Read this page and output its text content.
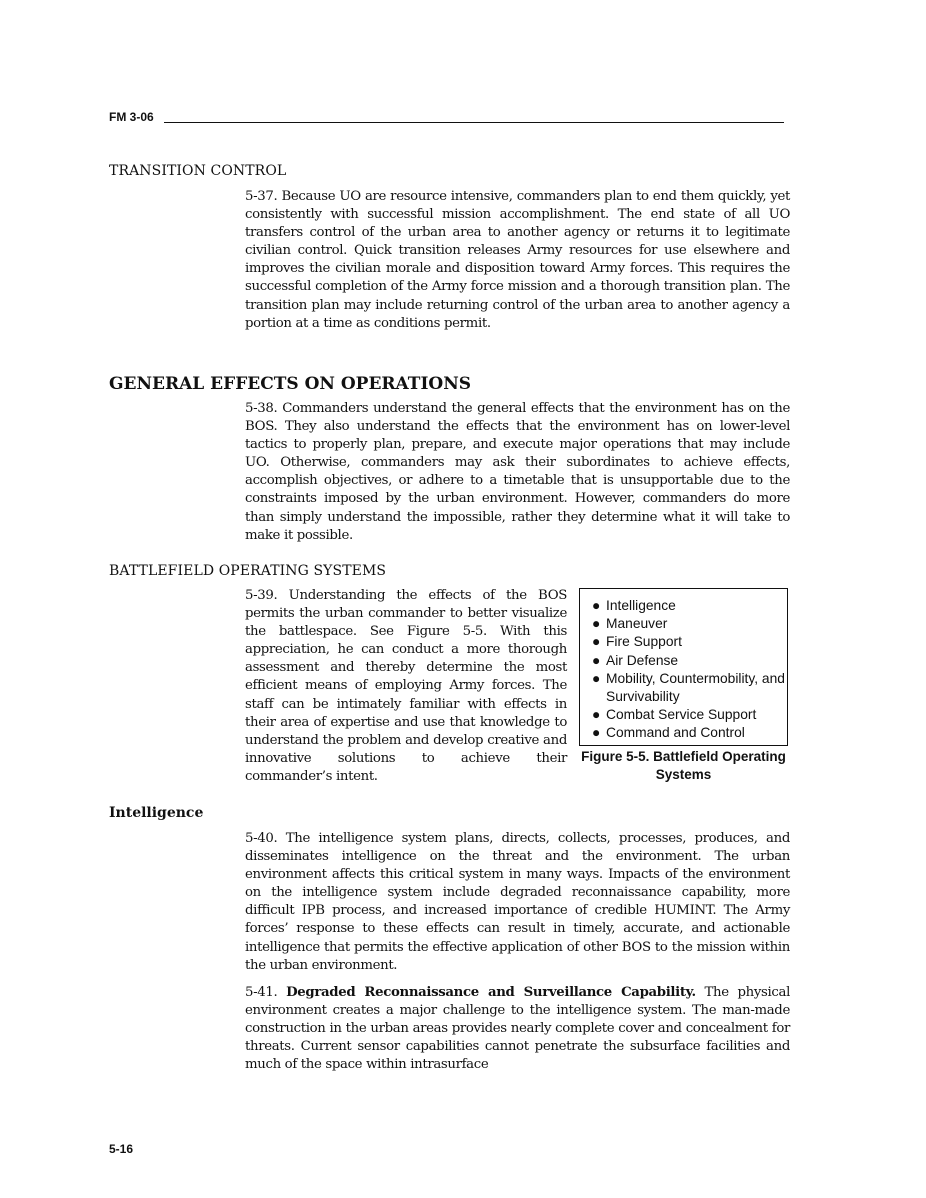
FM 3-06
TRANSITION CONTROL

5-37. Because UO are resource intensive, commanders plan to end them quickly, yet consistently with successful mission accomplishment. The end state of all UO transfers control of the urban area to another agency or returns it to legitimate civilian control. Quick transition releases Army resources for use elsewhere and improves the civilian morale and disposition toward Army forces. This requires the successful completion of the Army force mission and a thorough transition plan. The transition plan may include returning control of the urban area to another agency a portion at a time as conditions permit.

GENERAL EFFECTS ON OPERATIONS

5-38. Commanders understand the general effects that the environment has on the BOS. They also understand the effects that the environment has on lower-level tactics to properly plan, prepare, and execute major operations that may include UO. Otherwise, commanders may ask their subordinates to achieve effects, accomplish objectives, or adhere to a timetable that is unsupportable due to the constraints imposed by the urban environment. However, commanders do more than simply understand the impossible, rather they determine what it will take to make it possible.

BATTLEFIELD OPERATING SYSTEMS

5-39. Understanding the effects of the BOS permits the urban commander to better visualize the battlespace. See Figure 5-5. With this appreciation, he can conduct a more thorough assessment and thereby determine the most efficient means of employing Army forces. The staff can be intimately familiar with effects in their area of expertise and use that knowledge to understand the problem and develop creative and innovative solutions to achieve their commander’s intent.

● Intelligence
● Maneuver
● Fire Support
● Air Defense
● Mobility, Countermobility, and Survivability
● Combat Service Support
● Command and Control
Figure 5-5. Battlefield Operating Systems
Intelligence

5-40. The intelligence system plans, directs, collects, processes, produces, and disseminates intelligence on the threat and the environment. The urban environment affects this critical system in many ways. Impacts of the environment on the intelligence system include degraded reconnaissance capability, more difficult IPB process, and increased importance of credible HUMINT. The Army forces’ response to these effects can result in timely, accurate, and actionable intelligence that permits the effective application of other BOS to the mission within the urban environment.

5-41. Degraded Reconnaissance and Surveillance Capability. The physical environment creates a major challenge to the intelligence system. The man-made construction in the urban areas provides nearly complete cover and concealment for threats. Current sensor capabilities cannot penetrate the subsurface facilities and much of the space within intrasurface

5-16
